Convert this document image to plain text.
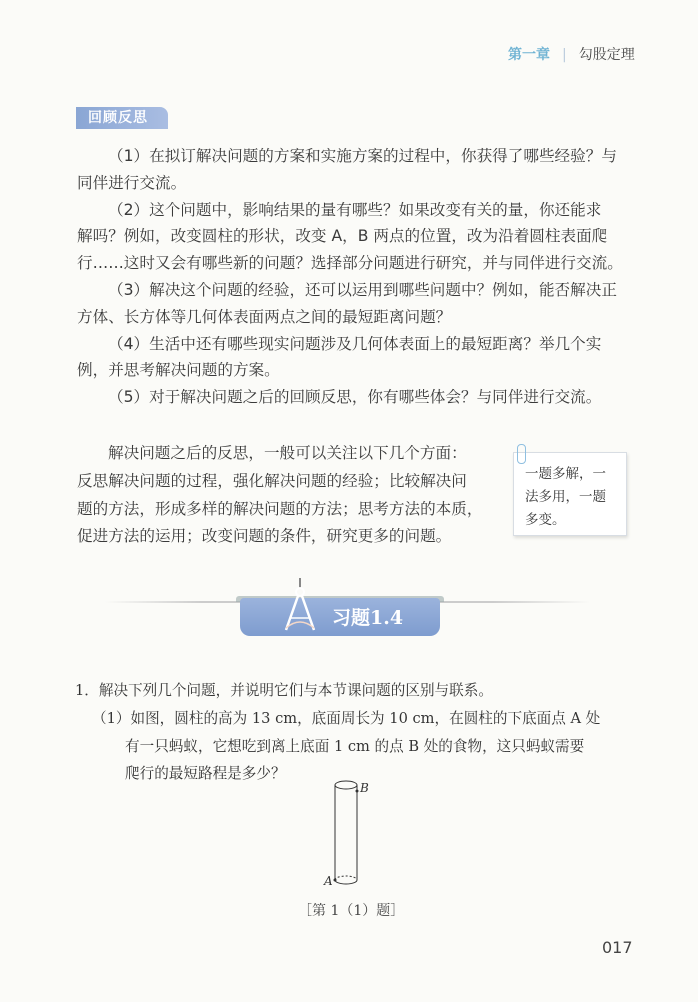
第一章 | 勾股定理
回顾反思
（1）在拟订解决问题的方案和实施方案的过程中，你获得了哪些经验？与
同伴进行交流。
（2）这个问题中，影响结果的量有哪些？如果改变有关的量，你还能求
解吗？例如，改变圆柱的形状，改变 A，B 两点的位置，改为沿着圆柱表面爬
行……这时又会有哪些新的问题？选择部分问题进行研究，并与同伴进行交流。
（3）解决这个问题的经验，还可以运用到哪些问题中？例如，能否解决正
方体、长方体等几何体表面两点之间的最短距离问题？
（4）生活中还有哪些现实问题涉及几何体表面上的最短距离？举几个实
例，并思考解决问题的方案。
（5）对于解决问题之后的回顾反思，你有哪些体会？与同伴进行交流。
解决问题之后的反思，一般可以关注以下几个方面：
反思解决问题的过程，强化解决问题的经验；比较解决问
题的方法，形成多样的解决问题的方法；思考方法的本质，
促进方法的运用；改变问题的条件，研究更多的问题。
一题多解，一
法多用，一题
多变。
习题1.4
1．解决下列几个问题，并说明它们与本节课问题的区别与联系。
（1）如图，圆柱的高为 13 cm，底面周长为 10 cm，在圆柱的下底面点 A 处
有一只蚂蚁，它想吃到离上底面 1 cm 的点 B 处的食物，这只蚂蚁需要
爬行的最短路程是多少？
B
A
［第 1（1）题］
017
